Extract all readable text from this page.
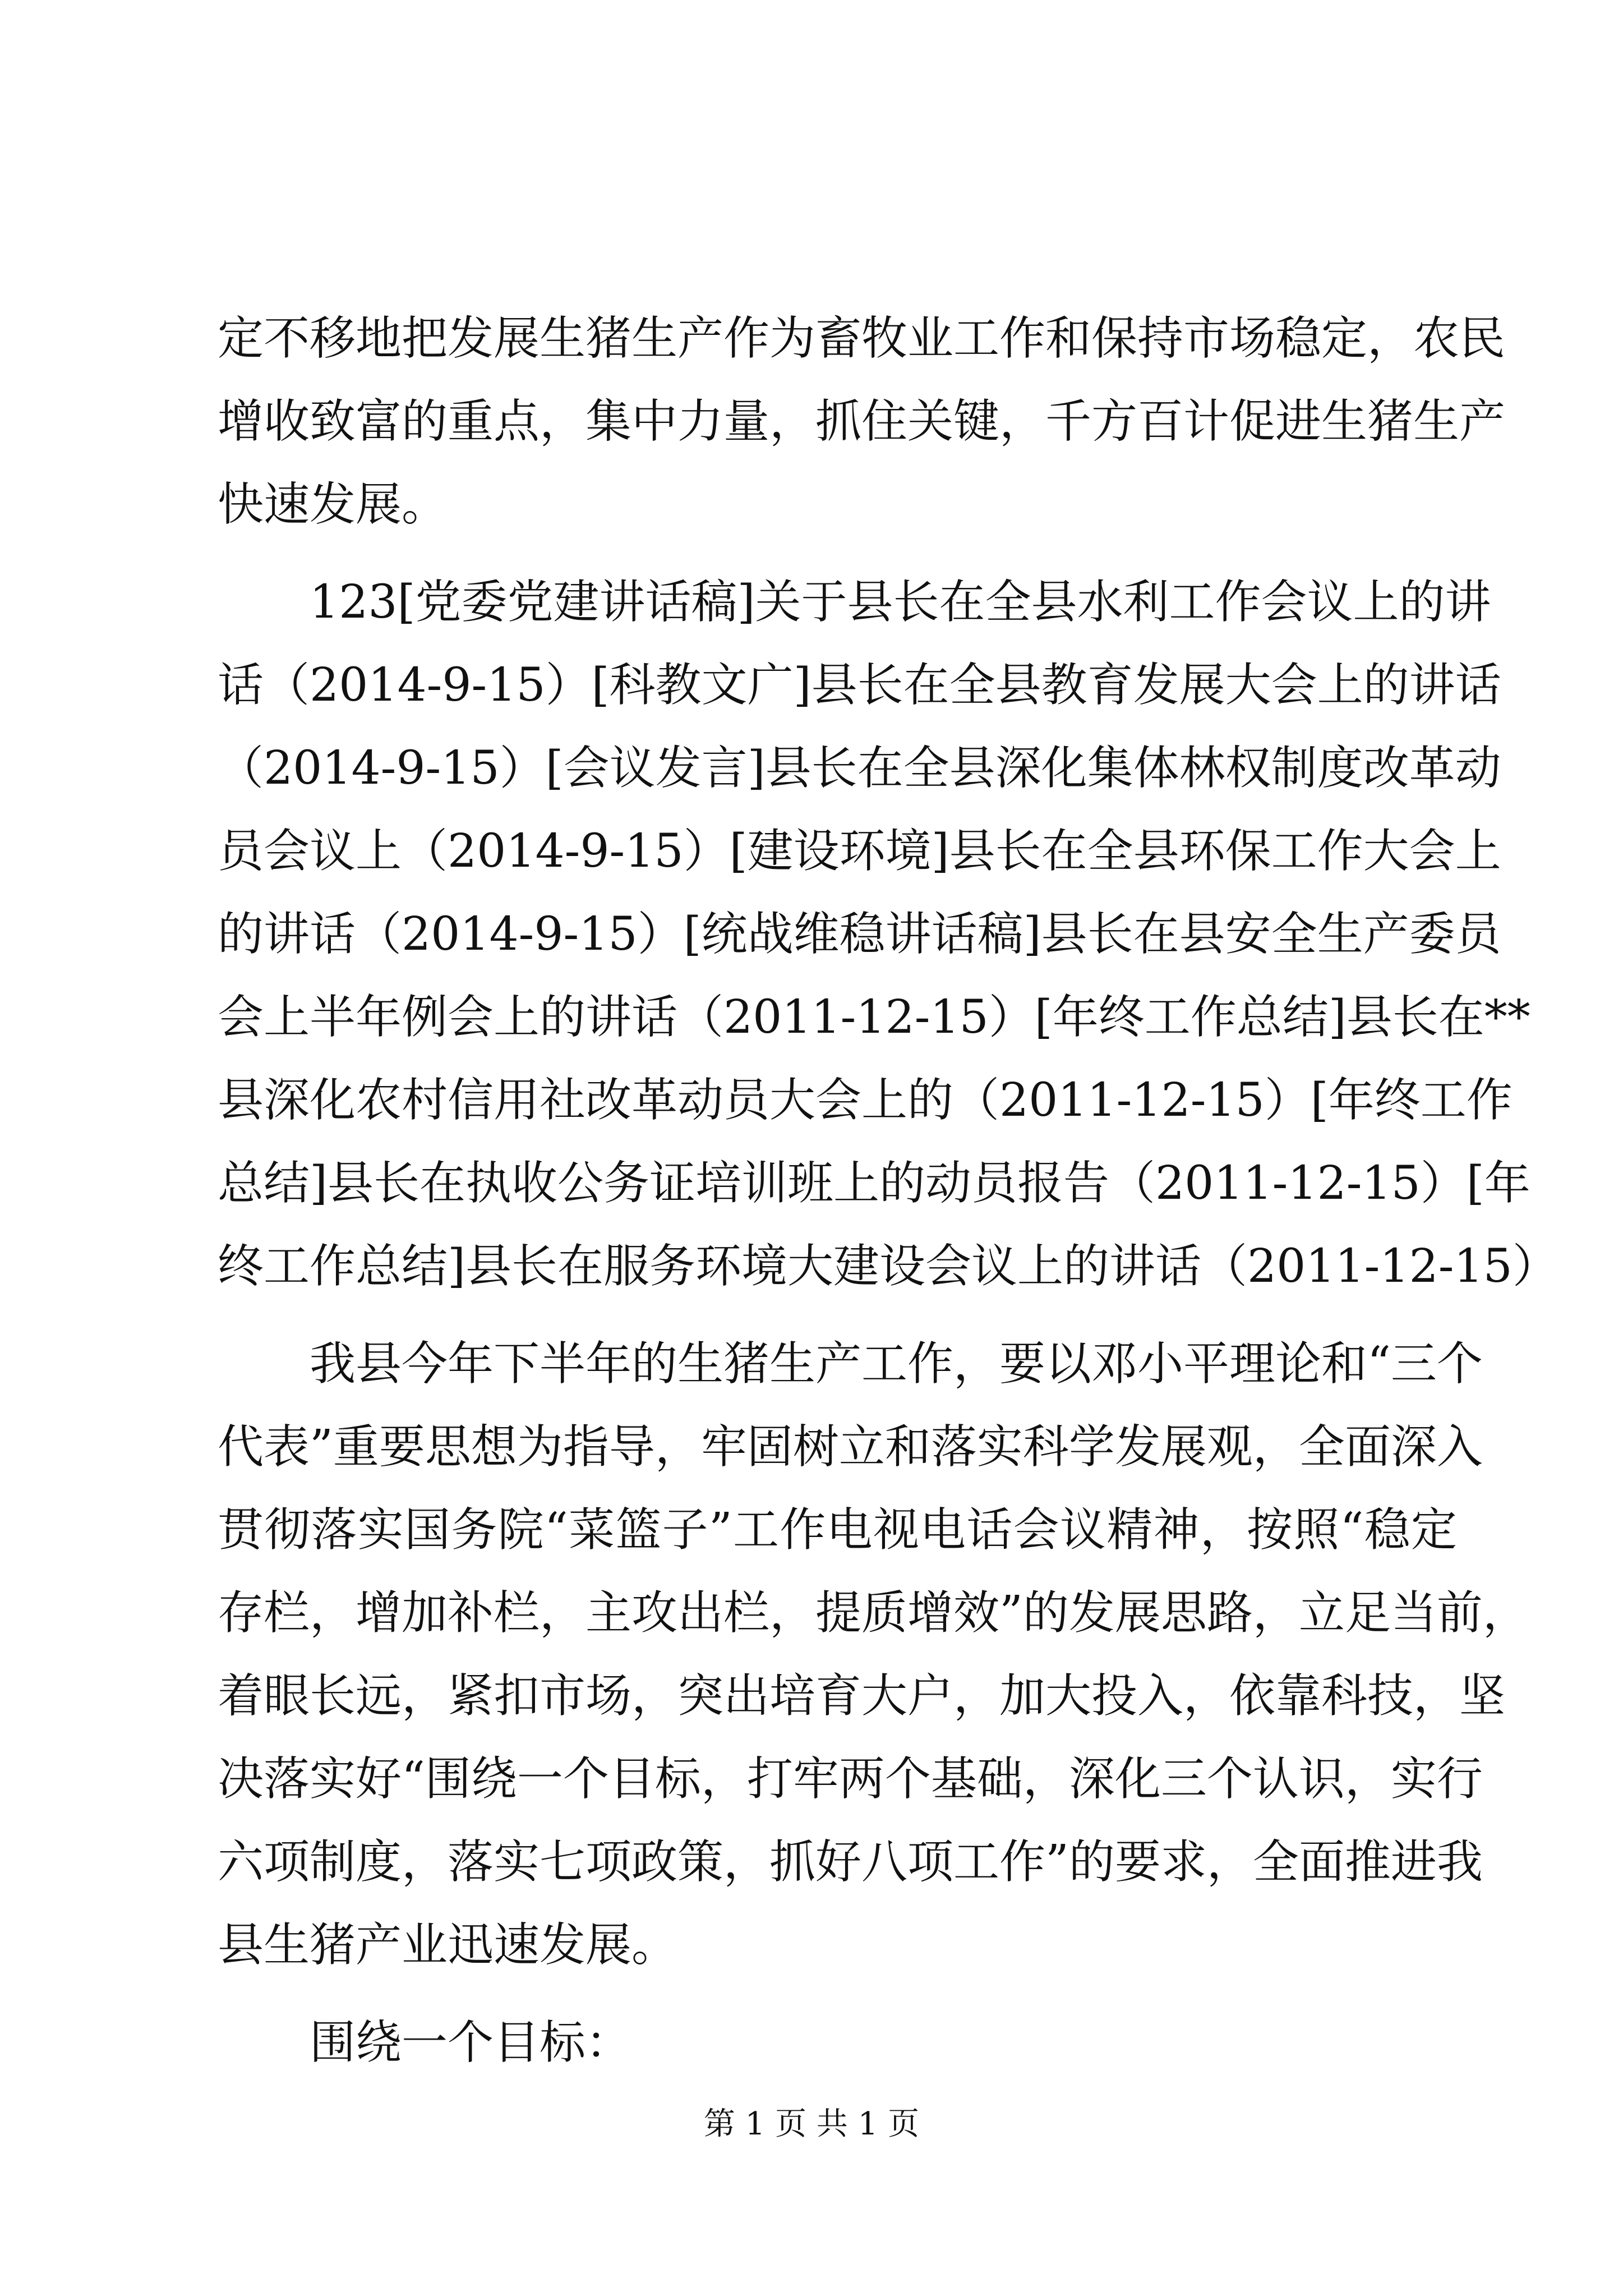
定不移地把发展生猪生产作为畜牧业工作和保持市场稳定，农民
增收致富的重点，集中力量，抓住关键，千方百计促进生猪生产
快速发展。
123[党委党建讲话稿]关于县长在全县水利工作会议上的讲
话（2014-9-15）[科教文广]县长在全县教育发展大会上的讲话
（2014-9-15）[会议发言]县长在全县深化集体林权制度改革动
员会议上（2014-9-15）[建设环境]县长在全县环保工作大会上
的讲话（2014-9-15）[统战维稳讲话稿]县长在县安全生产委员
会上半年例会上的讲话（2011-12-15）[年终工作总结]县长在**
县深化农村信用社改革动员大会上的（2011-12-15）[年终工作
总结]县长在执收公务证培训班上的动员报告（2011-12-15）[年
终工作总结]县长在服务环境大建设会议上的讲话（2011-12-15）
我县今年下半年的生猪生产工作，要以邓小平理论和“三个
代表”重要思想为指导，牢固树立和落实科学发展观，全面深入
贯彻落实国务院“菜篮子”工作电视电话会议精神，按照“稳定
存栏，增加补栏，主攻出栏，提质增效”的发展思路，立足当前，
着眼长远，紧扣市场，突出培育大户，加大投入，依靠科技，坚
决落实好“围绕一个目标，打牢两个基础，深化三个认识，实行
六项制度，落实七项政策，抓好八项工作”的要求，全面推进我
县生猪产业迅速发展。
围绕一个目标：
第 1 页 共 1 页
